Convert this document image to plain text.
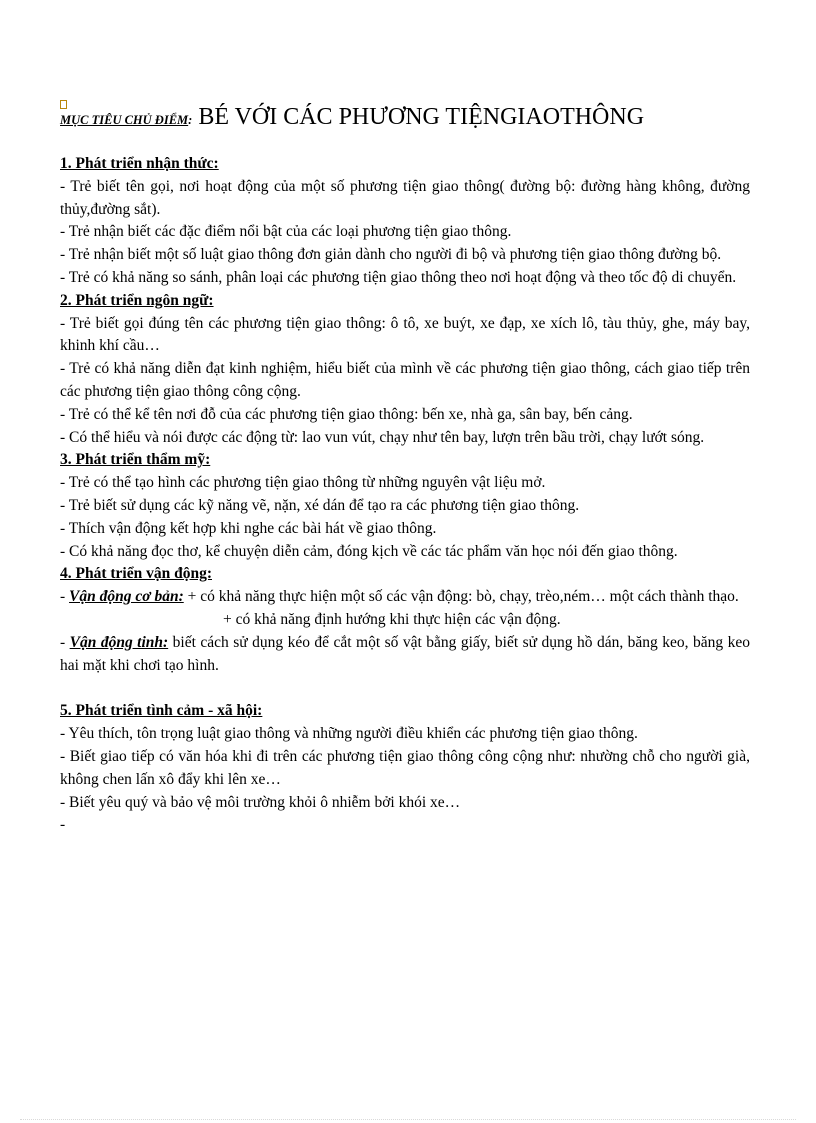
MỤC TIÊU CHỦ ĐIỂM: BÉ VỚI CÁC PHƯƠNG TIỆNGIAOTHÔNG

1. Phát triển nhận thức:

- Trẻ biết tên gọi, nơi hoạt động của một số phương tiện giao thông( đường bộ: đường hàng không, đường thủy,đường sắt).

- Trẻ nhận biết các đặc điểm nổi bật của các loại phương tiện giao thông.

- Trẻ nhận biết một số luật giao thông đơn giản dành cho người đi bộ và phương tiện giao thông đường bộ.

- Trẻ có khả năng so sánh, phân loại các phương tiện giao thông theo nơi hoạt động và theo tốc độ di chuyển.

2. Phát triển ngôn ngữ:

- Trẻ biết gọi đúng tên các phương tiện giao thông: ô tô, xe buýt, xe đạp, xe xích lô, tàu thủy, ghe, máy bay, khinh khí cầu…

- Trẻ có khả năng diễn đạt kinh nghiệm, hiểu biết của mình về các phương tiện giao thông, cách giao tiếp trên các phương tiện giao thông công cộng.

- Trẻ có thể kể tên nơi đỗ của các phương tiện giao thông: bến xe, nhà ga, sân bay, bến cảng.

- Có thể hiểu và nói được các động từ: lao vun vút, chạy như tên bay, lượn trên bầu trời, chạy lướt sóng.

3. Phát triển thẩm mỹ:

- Trẻ có thể tạo hình các phương tiện giao thông từ những nguyên vật liệu mở.

- Trẻ biết sử dụng các kỹ năng vẽ, nặn, xé dán để tạo ra các phương tiện giao thông.

- Thích vận động kết hợp khi nghe các bài hát về giao thông.

- Có khả năng đọc thơ, kể chuyện diễn cảm, đóng kịch về các tác phẩm văn học nói đến giao thông.

4. Phát triển vận động:

- Vận động cơ bản: + có khả năng thực hiện một số các vận động: bò, chạy, trèo,ném… một cách thành thạo.

+ có khả năng định hướng khi thực hiện các vận động.

- Vận động tinh: biết cách sử dụng kéo để cắt một số vật bằng giấy, biết sử dụng hồ dán, băng keo, băng keo hai mặt khi chơi tạo hình.

5. Phát triển tình cảm - xã hội:

- Yêu thích, tôn trọng luật giao thông và những người điều khiển các phương tiện giao thông.

- Biết giao tiếp có văn hóa khi đi trên các phương tiện giao thông công cộng như: nhường chỗ cho người già, không chen lấn xô đẩy khi lên xe…

- Biết yêu quý và bảo vệ môi trường khỏi ô nhiễm bởi khói xe…

-
